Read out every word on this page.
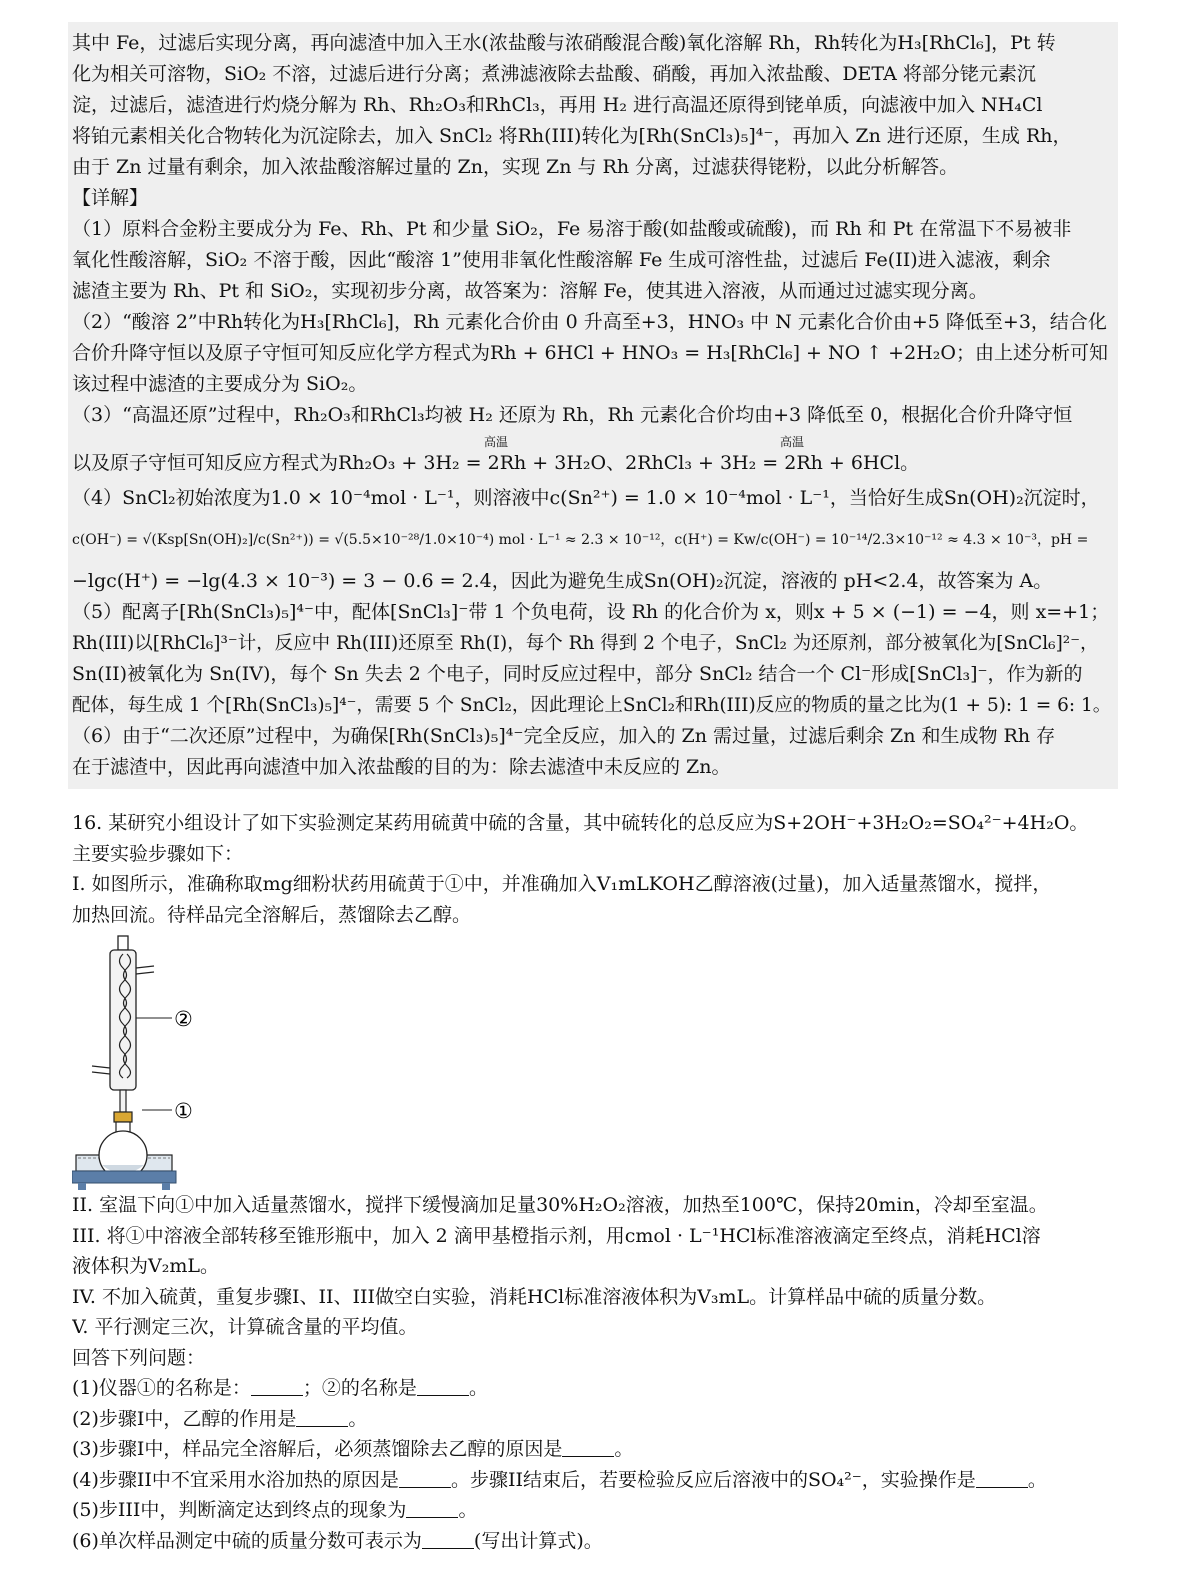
其中 Fe，过滤后实现分离，再向滤渣中加入王水(浓盐酸与浓硝酸混合酸)氧化溶解 Rh，Rh转化为H₃[RhCl₆]，Pt 转
化为相关可溶物，SiO₂ 不溶，过滤后进行分离；煮沸滤液除去盐酸、硝酸，再加入浓盐酸、DETA 将部分铑元素沉
淀，过滤后，滤渣进行灼烧分解为 Rh、Rh₂O₃和RhCl₃，再用 H₂ 进行高温还原得到铑单质，向滤液中加入 NH₄Cl
将铂元素相关化合物转化为沉淀除去，加入 SnCl₂ 将Rh(III)转化为[Rh(SnCl₃)₅]⁴⁻，再加入 Zn 进行还原，生成 Rh，
由于 Zn 过量有剩余，加入浓盐酸溶解过量的 Zn，实现 Zn 与 Rh 分离，过滤获得铑粉，以此分析解答。
【详解】
（1）原料合金粉主要成分为 Fe、Rh、Pt 和少量 SiO₂，Fe 易溶于酸(如盐酸或硫酸)，而 Rh 和 Pt 在常温下不易被非
氧化性酸溶解，SiO₂ 不溶于酸，因此“酸溶 1”使用非氧化性酸溶解 Fe 生成可溶性盐，过滤后 Fe(II)进入滤液，剩余
滤渣主要为 Rh、Pt 和 SiO₂，实现初步分离，故答案为：溶解 Fe，使其进入溶液，从而通过过滤实现分离。
（2）“酸溶 2”中Rh转化为H₃[RhCl₆]，Rh 元素化合价由 0 升高至+3，HNO₃ 中 N 元素化合价由+5 降低至+3，结合化
合价升降守恒以及原子守恒可知反应化学方程式为Rh + 6HCl + HNO₃ = H₃[RhCl₆] + NO ↑ +2H₂O；由上述分析可知
该过程中滤渣的主要成分为 SiO₂。
（3）“高温还原”过程中，Rh₂O₃和RhCl₃均被 H₂ 还原为 Rh，Rh 元素化合价均由+3 降低至 0，根据化合价升降守恒
高温	高温
以及原子守恒可知反应方程式为Rh₂O₃ + 3H₂ = 2Rh + 3H₂O、2RhCl₃ + 3H₂ = 2Rh + 6HCl。
（4）SnCl₂初始浓度为1.0 × 10⁻⁴mol · L⁻¹，则溶液中c(Sn²⁺) = 1.0 × 10⁻⁴mol · L⁻¹，当恰好生成Sn(OH)₂沉淀时，
c(OH⁻) = √(Ksp[Sn(OH)₂]/c(Sn²⁺)) = √(5.5×10⁻²⁸/1.0×10⁻⁴) mol · L⁻¹ ≈ 2.3 × 10⁻¹²，c(H⁺) = Kw/c(OH⁻) = 10⁻¹⁴/2.3×10⁻¹² ≈ 4.3 × 10⁻³，pH =
−lgc(H⁺) = −lg(4.3 × 10⁻³) = 3 − 0.6 = 2.4，因此为避免生成Sn(OH)₂沉淀，溶液的 pH<2.4，故答案为 A。
（5）配离子[Rh(SnCl₃)₅]⁴⁻中，配体[SnCl₃]⁻带 1 个负电荷，设 Rh 的化合价为 x，则x + 5 × (−1) = −4，则 x=+1；
Rh(III)以[RhCl₆]³⁻计，反应中 Rh(III)还原至 Rh(I)，每个 Rh 得到 2 个电子，SnCl₂ 为还原剂，部分被氧化为[SnCl₆]²⁻，
Sn(II)被氧化为 Sn(IV)，每个 Sn 失去 2 个电子，同时反应过程中，部分 SnCl₂ 结合一个 Cl⁻形成[SnCl₃]⁻，作为新的
配体，每生成 1 个[Rh(SnCl₃)₅]⁴⁻，需要 5 个 SnCl₂，因此理论上SnCl₂和Rh(III)反应的物质的量之比为(1 + 5): 1 = 6: 1。
（6）由于“二次还原”过程中，为确保[Rh(SnCl₃)₅]⁴⁻完全反应，加入的 Zn 需过量，过滤后剩余 Zn 和生成物 Rh 存
在于滤渣中，因此再向滤渣中加入浓盐酸的目的为：除去滤渣中未反应的 Zn。
16. 某研究小组设计了如下实验测定某药用硫黄中硫的含量，其中硫转化的总反应为S+2OH⁻+3H₂O₂=SO₄²⁻+4H₂O。
主要实验步骤如下：
I. 如图所示，准确称取mg细粉状药用硫黄于①中，并准确加入V₁mLKOH乙醇溶液(过量)，加入适量蒸馏水，搅拌，
加热回流。待样品完全溶解后，蒸馏除去乙醇。
②
①
II. 室温下向①中加入适量蒸馏水，搅拌下缓慢滴加足量30%H₂O₂溶液，加热至100℃，保持20min，冷却至室温。
III. 将①中溶液全部转移至锥形瓶中，加入 2 滴甲基橙指示剂，用cmol · L⁻¹HCl标准溶液滴定至终点，消耗HCl溶
液体积为V₂mL。
IV. 不加入硫黄，重复步骤I、II、III做空白实验，消耗HCl标准溶液体积为V₃mL。计算样品中硫的质量分数。
V. 平行测定三次，计算硫含量的平均值。
回答下列问题：
(1)仪器①的名称是：	；②的名称是	。
(2)步骤I中，乙醇的作用是	。
(3)步骤I中，样品完全溶解后，必须蒸馏除去乙醇的原因是	。
(4)步骤II中不宜采用水浴加热的原因是	。步骤II结束后，若要检验反应后溶液中的SO₄²⁻，实验操作是	。
(5)步III中，判断滴定达到终点的现象为	。
(6)单次样品测定中硫的质量分数可表示为	(写出计算式)。
